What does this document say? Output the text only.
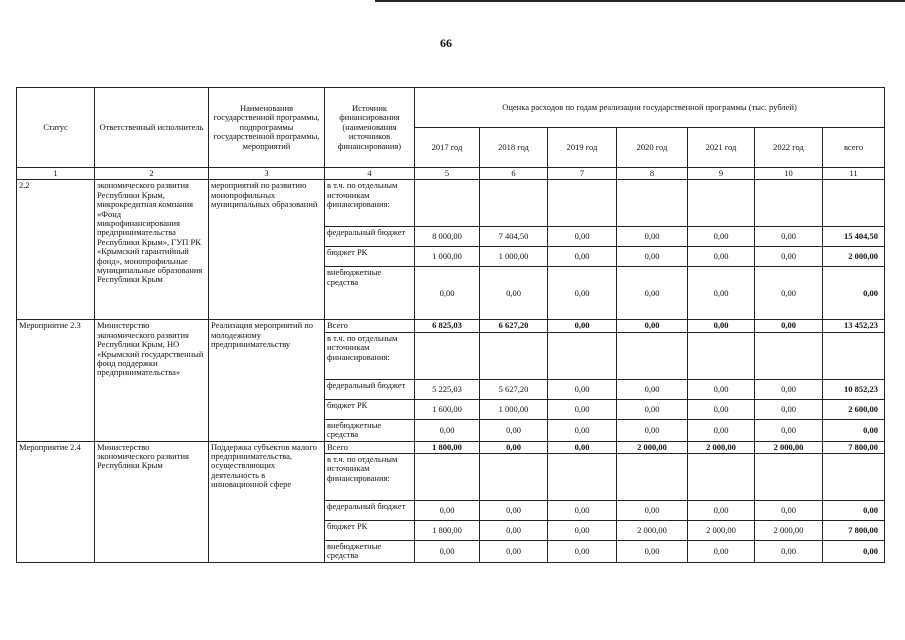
66
Статус	Ответственный исполнитель	Наименования государственной программы, подпрограммы государственной программы, мероприятий	Источник финансирования (наименования источников финансирования)	Оценка расходов по годам реализации государственной программы (тыс. рублей)						
				2017 год	2018 год	2019 год	2020 год	2021 год	2022 год	всего
1	2	3	4	5	6	7	8	9	10	11
2.2	экономического развития Республики Крым, микрокредитная компания «Фонд микрофинансирования предпринимательства Республики Крым», ГУП РК «Крымский гарантийный фонд», монопрофильные муниципальные образования Республики Крым	мероприятий по развитию монопрофильных муниципальных образований	в т.ч. по отдельным источникам финансирования:							
			федеральный бюджет	8 000,00	7 404,50	0,00	0,00	0,00	0,00	15 404,50
			бюджет РК	1 000,00	1 000,00	0,00	0,00	0,00	0,00	2 000,00
			внебюджетные средства	0,00	0,00	0,00	0,00	0,00	0,00	0,00
Мероприятие 2.3	Министерство экономического развития Республики Крым, НО «Крымский государственный фонд поддержки предпринимательства»	Реализация мероприятий по молодежному предпринимательству	Всего	6 825,03	6 627,20	0,00	0,00	0,00	0,00	13 452,23
			в т.ч. по отдельным источникам финансирования:							
			федеральный бюджет	5 225,03	5 627,20	0,00	0,00	0,00	0,00	10 852,23
			бюджет РК	1 600,00	1 000,00	0,00	0,00	0,00	0,00	2 600,00
			внебюджетные средства	0,00	0,00	0,00	0,00	0,00	0,00	0,00
Мероприятие 2.4	Министерство экономического развития Республики Крым	Поддержка субъектов малого предпринимательства, осуществляющих деятельность в инновационной сфере	Всего	1 800,00	0,00	0,00	2 000,00	2 000,00	2 000,00	7 800,00
			в т.ч. по отдельным источникам финансирования:							
			федеральный бюджет	0,00	0,00	0,00	0,00	0,00	0,00	0,00
			бюджет РК	1 800,00	0,00	0,00	2 000,00	2 000,00	2 000,00	7 800,00
			внебюджетные средства	0,00	0,00	0,00	0,00	0,00	0,00	0,00
